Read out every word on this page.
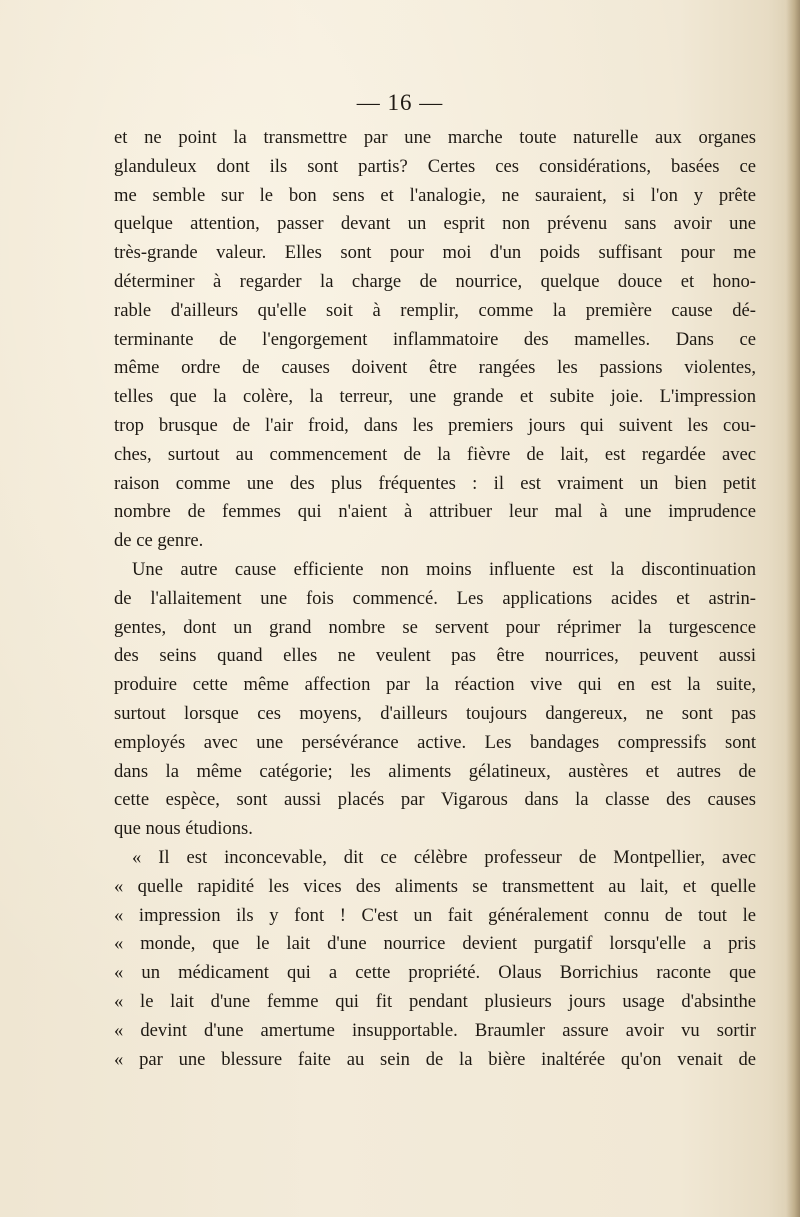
— 16 —

et ne point la transmettre par une marche toute naturelle aux organes
glanduleux dont ils sont partis? Certes ces considérations, basées ce
me semble sur le bon sens et l'analogie, ne sauraient, si l'on y prête
quelque attention, passer devant un esprit non prévenu sans avoir une
très-grande valeur. Elles sont pour moi d'un poids suffisant pour me
déterminer à regarder la charge de nourrice, quelque douce et hono-
rable d'ailleurs qu'elle soit à remplir, comme la première cause dé-
terminante de l'engorgement inflammatoire des mamelles. Dans ce
même ordre de causes doivent être rangées les passions violentes,
telles que la colère, la terreur, une grande et subite joie. L'impression
trop brusque de l'air froid, dans les premiers jours qui suivent les cou-
ches, surtout au commencement de la fièvre de lait, est regardée avec
raison comme une des plus fréquentes : il est vraiment un bien petit
nombre de femmes qui n'aient à attribuer leur mal à une imprudence
de ce genre.
Une autre cause efficiente non moins influente est la discontinuation
de l'allaitement une fois commencé. Les applications acides et astrin-
gentes, dont un grand nombre se servent pour réprimer la turgescence
des seins quand elles ne veulent pas être nourrices, peuvent aussi
produire cette même affection par la réaction vive qui en est la suite,
surtout lorsque ces moyens, d'ailleurs toujours dangereux, ne sont pas
employés avec une persévérance active. Les bandages compressifs sont
dans la même catégorie; les aliments gélatineux, austères et autres de
cette espèce, sont aussi placés par Vigarous dans la classe des causes
que nous étudions.
« Il est inconcevable, dit ce célèbre professeur de Montpellier, avec
« quelle rapidité les vices des aliments se transmettent au lait, et quelle
« impression ils y font ! C'est un fait généralement connu de tout le
« monde, que le lait d'une nourrice devient purgatif lorsqu'elle a pris
« un médicament qui a cette propriété. Olaus Borrichius raconte que
« le lait d'une femme qui fit pendant plusieurs jours usage d'absinthe
« devint d'une amertume insupportable. Braumler assure avoir vu sortir
« par une blessure faite au sein de la bière inaltérée qu'on venait de
